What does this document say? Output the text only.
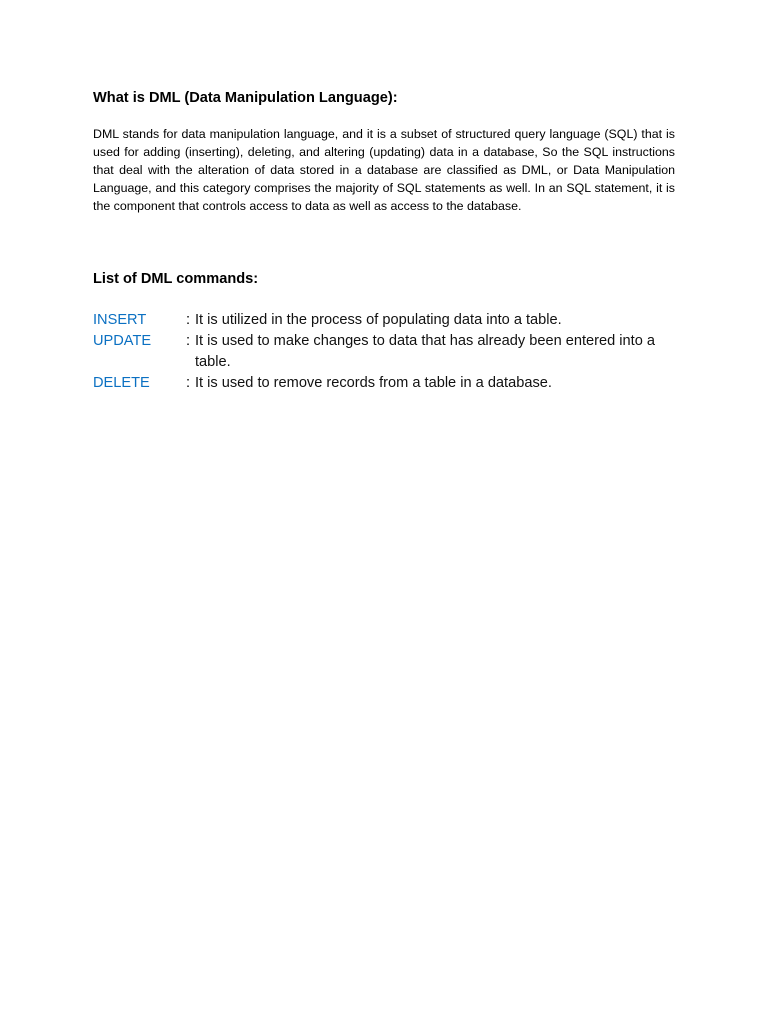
What is DML (Data Manipulation Language):

DML stands for data manipulation language, and it is a subset of structured query language (SQL) that is used for adding (inserting), deleting, and altering (updating) data in a database, So the SQL instructions that deal with the alteration of data stored in a database are classified as DML, or Data Manipulation Language, and this category comprises the majority of SQL statements as well. In an SQL statement, it is the component that controls access to data as well as access to the database.

List of DML commands:
INSERT	: It is utilized in the process of populating data into a table.
UPDATE	: It is used to make changes to data that has already been entered into a table.
DELETE	: It is used to remove records from a table in a database.
